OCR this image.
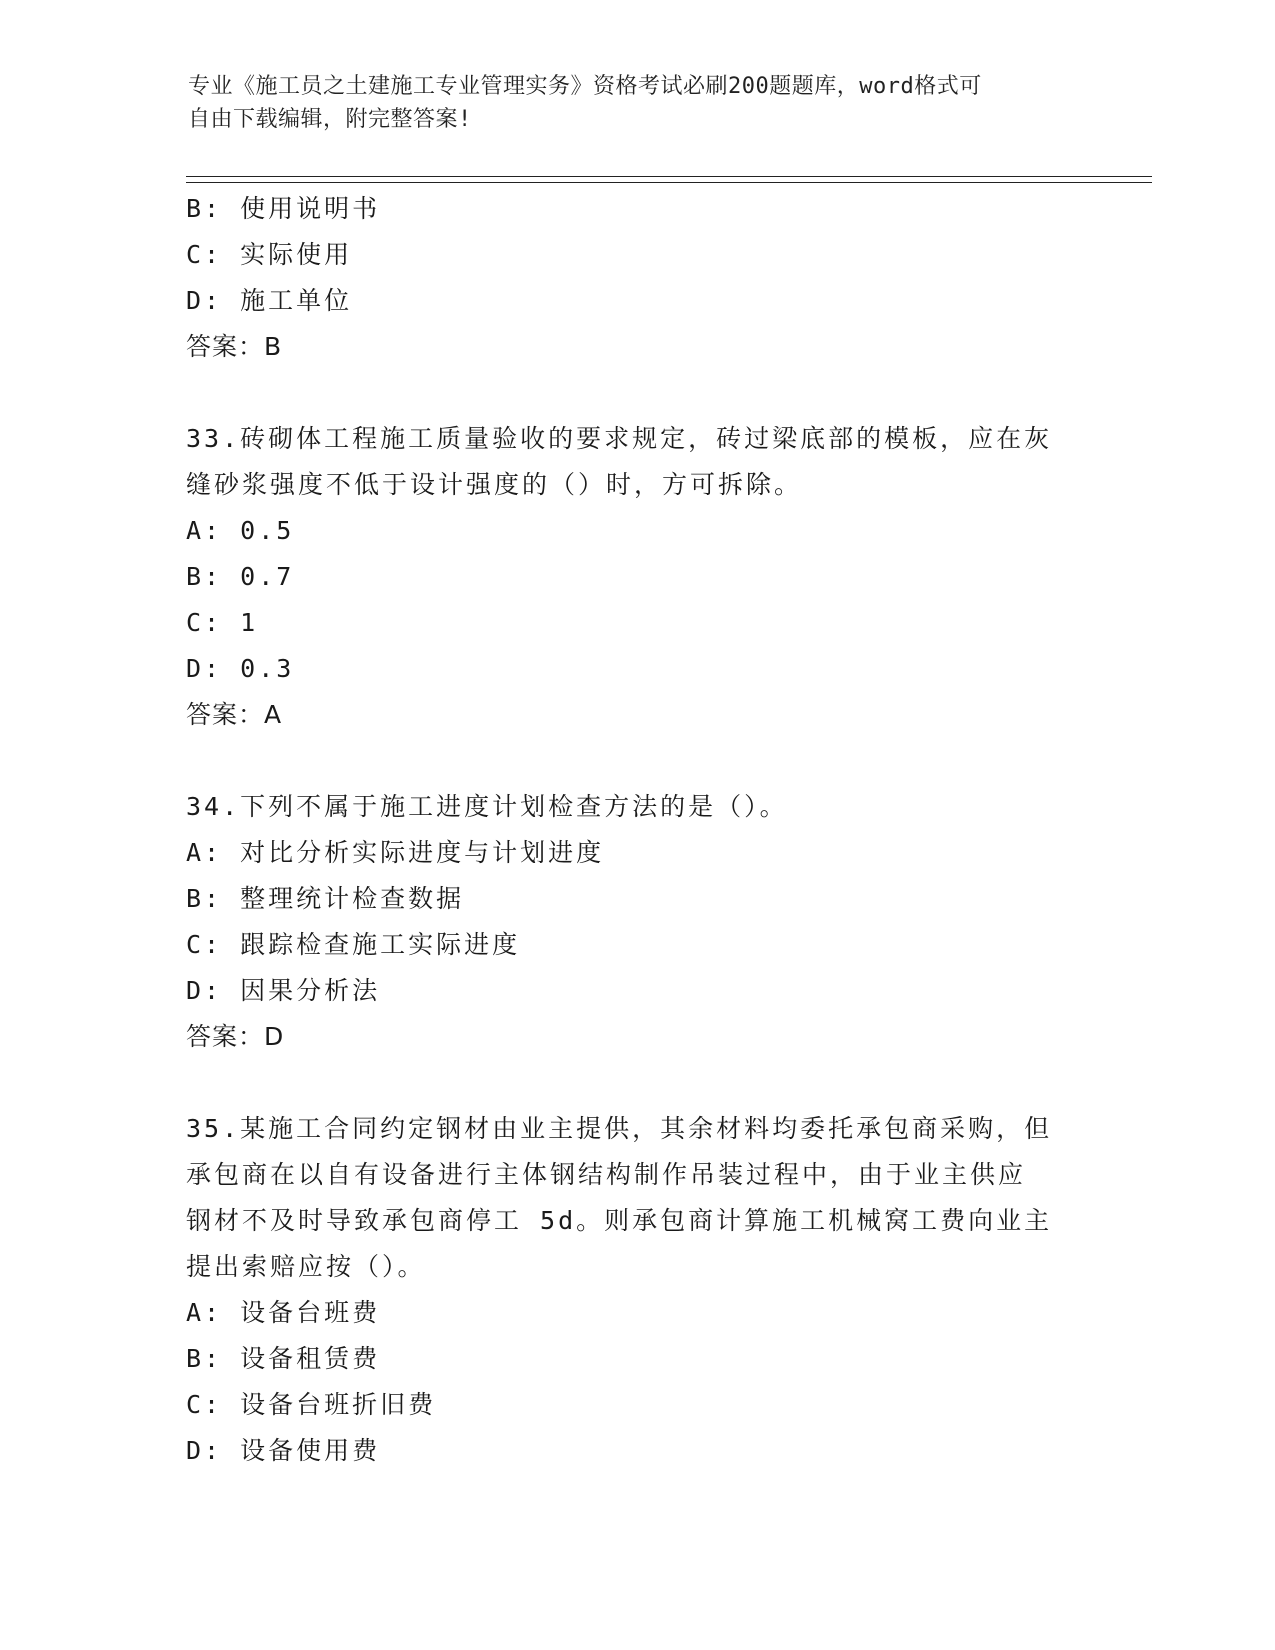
专业《施工员之土建施工专业管理实务》资格考试必刷200题题库，word格式可
自由下载编辑，附完整答案!
B: 使用说明书
C: 实际使用
D: 施工单位
答案：B
33.砖砌体工程施工质量验收的要求规定，砖过梁底部的模板，应在灰
缝砂浆强度不低于设计强度的（）时，方可拆除。
A: 0.5
B: 0.7
C: 1
D: 0.3
答案：A
34.下列不属于施工进度计划检查方法的是（）。
A: 对比分析实际进度与计划进度
B: 整理统计检查数据
C: 跟踪检查施工实际进度
D: 因果分析法
答案：D
35.某施工合同约定钢材由业主提供，其余材料均委托承包商采购，但
承包商在以自有设备进行主体钢结构制作吊装过程中，由于业主供应
钢材不及时导致承包商停工 5d。则承包商计算施工机械窝工费向业主
提出索赔应按（）。
A: 设备台班费
B: 设备租赁费
C: 设备台班折旧费
D: 设备使用费
